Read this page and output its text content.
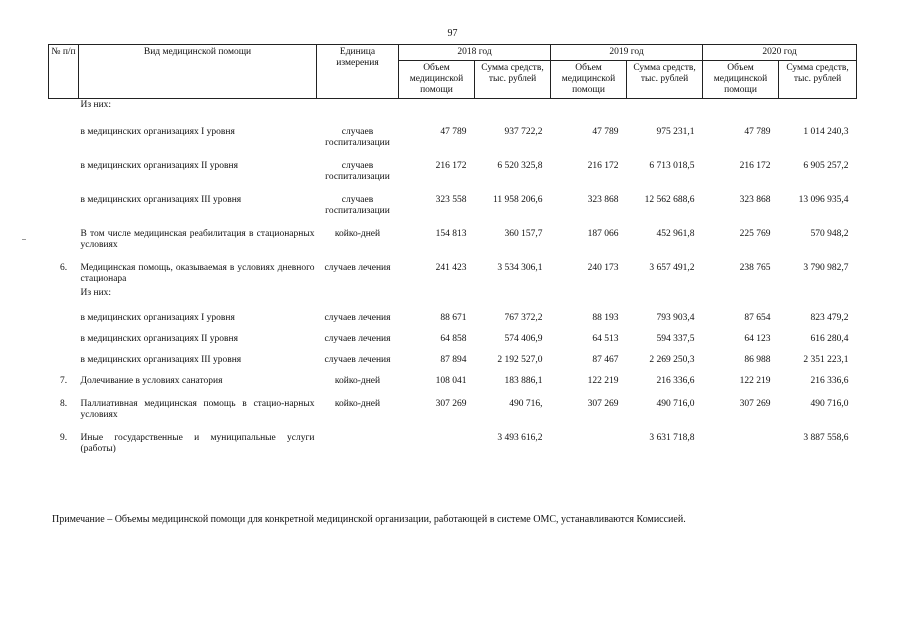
97
№ п/п	Вид медицинской помощи	Единица измерения	2018 год		2019 год		2020 год	
			Объем медицинской помощи	Сумма средств, тыс. рублей	Объем медицинской помощи	Сумма средств, тыс. рублей	Объем медицинской помощи	Сумма средств, тыс. рублей
	Из них:							
	в медицинских организациях I уровня	случаев госпитализации	47 789	937 722,2	47 789	975 231,1	47 789	1 014 240,3
	в медицинских организациях II уровня	случаев госпитализации	216 172	6 520 325,8	216 172	6 713 018,5	216 172	6 905 257,2
	в медицинских организациях III уровня	случаев госпитализации	323 558	11 958 206,6	323 868	12 562 688,6	323 868	13 096 935,4
	В том числе медицинская реабилитация в стационарных условиях	койко-дней	154 813	360 157,7	187 066	452 961,8	225 769	570 948,2
6.	Медицинская помощь, оказываемая в условиях дневного стационара	случаев лечения	241 423	3 534 306,1	240 173	3 657 491,2	238 765	3 790 982,7
	Из них:							
	в медицинских организациях I уровня	случаев лечения	88 671	767 372,2	88 193	793 903,4	87 654	823 479,2
	в медицинских организациях II уровня	случаев лечения	64 858	574 406,9	64 513	594 337,5	64 123	616 280,4
	в медицинских организациях III уровня	случаев лечения	87 894	2 192 527,0	87 467	2 269 250,3	86 988	2 351 223,1
7.	Долечивание в условиях санатория	койко-дней	108 041	183 886,1	122 219	216 336,6	122 219	216 336,6
8.	Паллиативная медицинская помощь в стацио-нарных условиях	койко-дней	307 269	490 716,	307 269	490 716,0	307 269	490 716,0
9.	Иные государственные и муниципальные услуги (работы)			3 493 616,2		3 631 718,8		3 887 558,6
Примечание – Объемы медицинской помощи для конкретной медицинской организации, работающей в системе ОМС, устанавливаются Комиссией.
